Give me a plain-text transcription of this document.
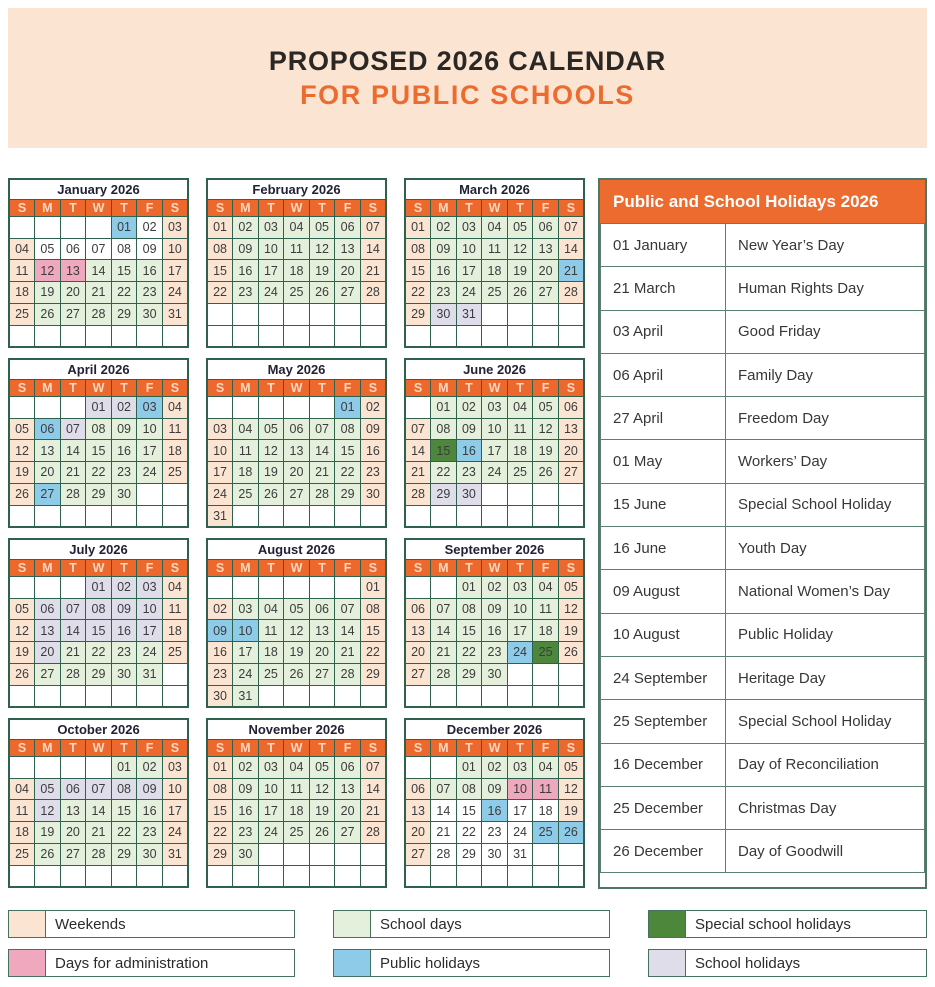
PROPOSED 2026 CALENDAR
FOR PUBLIC SCHOOLS
January 2026						
S	M	T	W	T	F	S
				01	02	03
04	05	06	07	08	09	10
11	12	13	14	15	16	17
18	19	20	21	22	23	24
25	26	27	28	29	30	31

February 2026						
S	M	T	W	T	F	S
01	02	03	04	05	06	07
08	09	10	11	12	13	14
15	16	17	18	19	20	21
22	23	24	25	26	27	28

March 2026						
S	M	T	W	T	F	S
01	02	03	04	05	06	07
08	09	10	11	12	13	14
15	16	17	18	19	20	21
22	23	24	25	26	27	28
29	30	31				

April 2026						
S	M	T	W	T	F	S
			01	02	03	04
05	06	07	08	09	10	11
12	13	14	15	16	17	18
19	20	21	22	23	24	25
26	27	28	29	30		

May 2026						
S	M	T	W	T	F	S
					01	02
03	04	05	06	07	08	09
10	11	12	13	14	15	16
17	18	19	20	21	22	23
24	25	26	27	28	29	30
31						
June 2026						
S	M	T	W	T	F	S
	01	02	03	04	05	06
07	08	09	10	11	12	13
14	15	16	17	18	19	20
21	22	23	24	25	26	27
28	29	30				

July 2026						
S	M	T	W	T	F	S
			01	02	03	04
05	06	07	08	09	10	11
12	13	14	15	16	17	18
19	20	21	22	23	24	25
26	27	28	29	30	31	

August 2026						
S	M	T	W	T	F	S
						01
02	03	04	05	06	07	08
09	10	11	12	13	14	15
16	17	18	19	20	21	22
23	24	25	26	27	28	29
30	31					
September 2026						
S	M	T	W	T	F	S
		01	02	03	04	05
06	07	08	09	10	11	12
13	14	15	16	17	18	19
20	21	22	23	24	25	26
27	28	29	30			

October 2026						
S	M	T	W	T	F	S
				01	02	03
04	05	06	07	08	09	10
11	12	13	14	15	16	17
18	19	20	21	22	23	24
25	26	27	28	29	30	31

November 2026						
S	M	T	W	T	F	S
01	02	03	04	05	06	07
08	09	10	11	12	13	14
15	16	17	18	19	20	21
22	23	24	25	26	27	28
29	30					

December 2026						
S	M	T	W	T	F	S
		01	02	03	04	05
06	07	08	09	10	11	12
13	14	15	16	17	18	19
20	21	22	23	24	25	26
27	28	29	30	31		

Public and School Holidays 2026
01 January	New Year’s Day
21 March	Human Rights Day
03 April	Good Friday
06 April	Family Day
27 April	Freedom Day
01 May	Workers’ Day
15 June	Special School Holiday
16 June	Youth Day
09 August	National Women’s Day
10 August	Public Holiday
24 September	Heritage Day
25 September	Special School Holiday
16 December	Day of Reconciliation
25 December	Christmas Day
26 December	Day of Goodwill
Weekends	School days	Special school holidays
Days for administration	Public holidays	School holidays
